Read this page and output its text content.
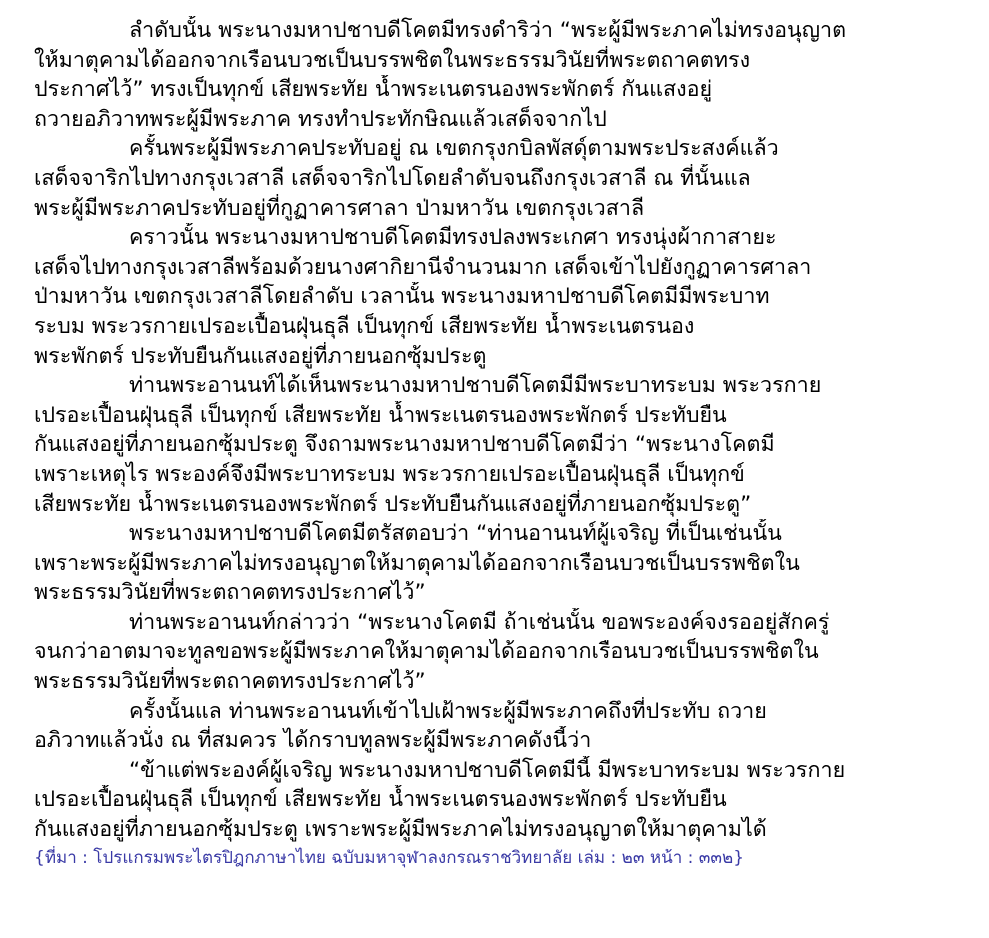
ลำดับนั้น พระนางมหาปชาบดีโคตมีทรงดำริว่า “พระผู้มีพระภาคไม่ทรงอนุญาต
ให้มาตุคามได้ออกจากเรือนบวชเป็นบรรพชิตในพระธรรมวินัยที่พระตถาคตทรง
ประกาศไว้” ทรงเป็นทุกข์ เสียพระทัย น้ำพระเนตรนองพระพักตร์ กันแสงอยู่
ถวายอภิวาทพระผู้มีพระภาค ทรงทำประทักษิณแล้วเสด็จจากไป
ครั้นพระผู้มีพระภาคประทับอยู่ ณ เขตกรุงกบิลพัสดุ์ตามพระประสงค์แล้ว
เสด็จจาริกไปทางกรุงเวสาลี เสด็จจาริกไปโดยลำดับจนถึงกรุงเวสาลี ณ ที่นั้นแล
พระผู้มีพระภาคประทับอยู่ที่กูฏาคารศาลา ป่ามหาวัน เขตกรุงเวสาลี
คราวนั้น พระนางมหาปชาบดีโคตมีทรงปลงพระเกศา ทรงนุ่งผ้ากาสายะ
เสด็จไปทางกรุงเวสาลีพร้อมด้วยนางศากิยานีจำนวนมาก เสด็จเข้าไปยังกูฏาคารศาลา
ป่ามหาวัน เขตกรุงเวสาลีโดยลำดับ เวลานั้น พระนางมหาปชาบดีโคตมีมีพระบาท
ระบม พระวรกายเปรอะเปื้อนฝุ่นธุลี เป็นทุกข์ เสียพระทัย น้ำพระเนตรนอง
พระพักตร์ ประทับยืนกันแสงอยู่ที่ภายนอกซุ้มประตู
ท่านพระอานนท์ได้เห็นพระนางมหาปชาบดีโคตมีมีพระบาทระบม พระวรกาย
เปรอะเปื้อนฝุ่นธุลี เป็นทุกข์ เสียพระทัย น้ำพระเนตรนองพระพักตร์ ประทับยืน
กันแสงอยู่ที่ภายนอกซุ้มประตู จึงถามพระนางมหาปชาบดีโคตมีว่า “พระนางโคตมี
เพราะเหตุไร พระองค์จึงมีพระบาทระบม พระวรกายเปรอะเปื้อนฝุ่นธุลี เป็นทุกข์
เสียพระทัย น้ำพระเนตรนองพระพักตร์ ประทับยืนกันแสงอยู่ที่ภายนอกซุ้มประตู”
พระนางมหาปชาบดีโคตมีตรัสตอบว่า “ท่านอานนท์ผู้เจริญ ที่เป็นเช่นนั้น
เพราะพระผู้มีพระภาคไม่ทรงอนุญาตให้มาตุคามได้ออกจากเรือนบวชเป็นบรรพชิตใน
พระธรรมวินัยที่พระตถาคตทรงประกาศไว้”
ท่านพระอานนท์กล่าวว่า “พระนางโคตมี ถ้าเช่นนั้น ขอพระองค์จงรออยู่สักครู่
จนกว่าอาตมาจะทูลขอพระผู้มีพระภาคให้มาตุคามได้ออกจากเรือนบวชเป็นบรรพชิตใน
พระธรรมวินัยที่พระตถาคตทรงประกาศไว้”
ครั้งนั้นแล ท่านพระอานนท์เข้าไปเฝ้าพระผู้มีพระภาคถึงที่ประทับ ถวาย
อภิวาทแล้วนั่ง ณ ที่สมควร ได้กราบทูลพระผู้มีพระภาคดังนี้ว่า
“ข้าแต่พระองค์ผู้เจริญ พระนางมหาปชาบดีโคตมีนี้ มีพระบาทระบม พระวรกาย
เปรอะเปื้อนฝุ่นธุลี เป็นทุกข์ เสียพระทัย น้ำพระเนตรนองพระพักตร์ ประทับยืน
กันแสงอยู่ที่ภายนอกซุ้มประตู เพราะพระผู้มีพระภาคไม่ทรงอนุญาตให้มาตุคามได้
{ที่มา : โปรแกรมพระไตรปิฎกภาษาไทย ฉบับมหาจุฬาลงกรณราชวิทยาลัย เล่ม : ๒๓ หน้า : ๓๓๒}
